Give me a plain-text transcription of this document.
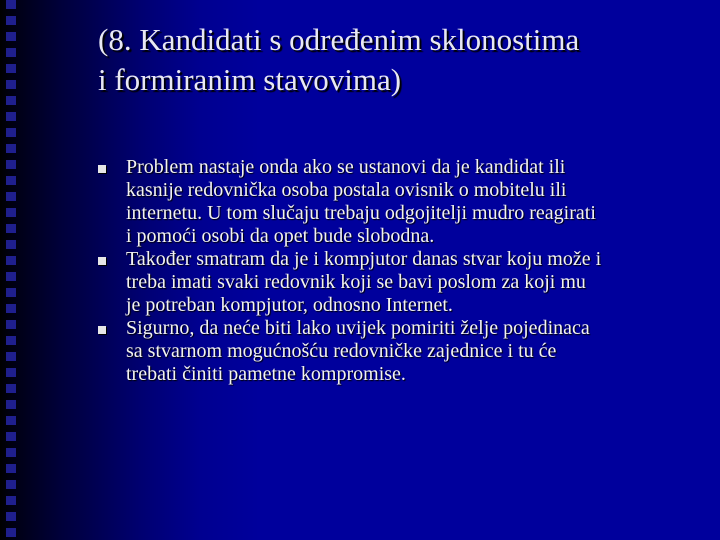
(8. Kandidati s određenim sklonostima
i formiranim stavovima)
Problem nastaje onda ako se ustanovi da je kandidat ili
kasnije redovnička osoba postala ovisnik o mobitelu ili
internetu. U tom slučaju trebaju odgojitelji mudro reagirati
i pomoći osobi da opet bude slobodna.
Također smatram da je i kompjutor danas stvar koju može i
treba imati svaki redovnik koji se bavi poslom za koji mu
je potreban kompjutor, odnosno Internet.
Sigurno, da neće biti lako uvijek pomiriti želje pojedinaca
sa stvarnom mogućnošću redovničke zajednice i tu će
trebati činiti pametne kompromise.
